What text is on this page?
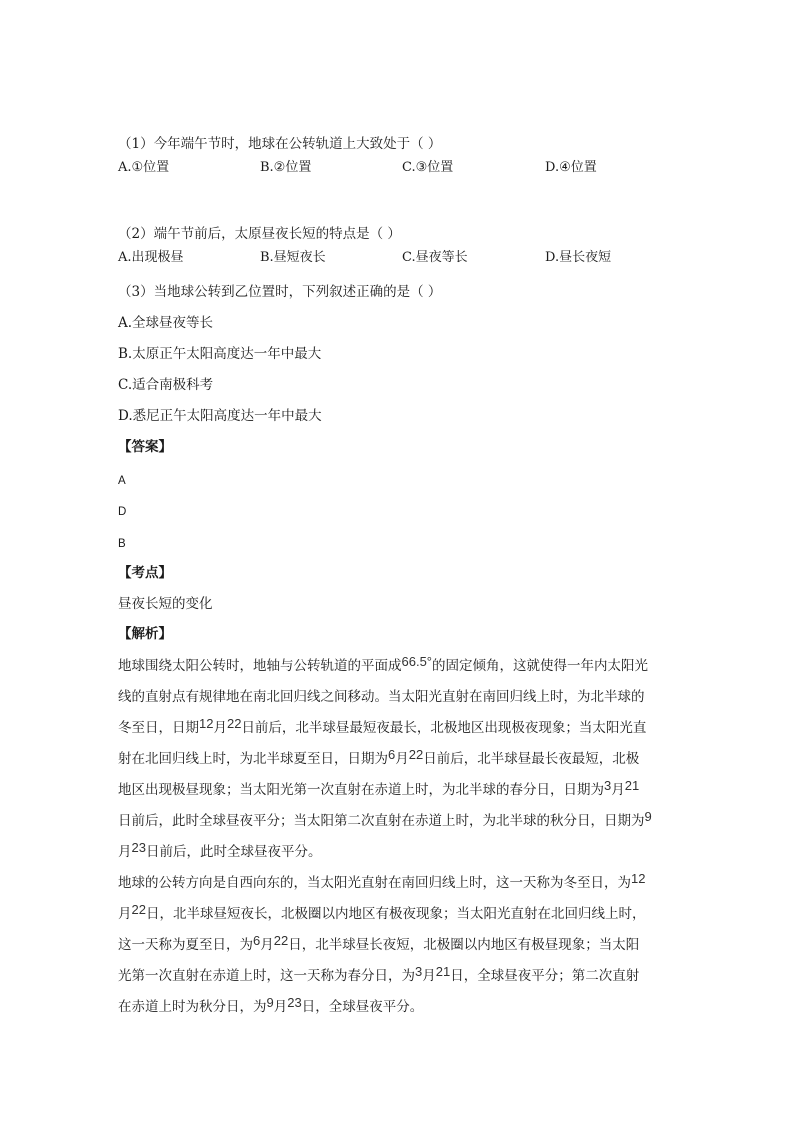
（1）今年端午节时，地球在公转轨道上大致处于（ ）
A.①位置	B.②位置	C.③位置	D.④位置
（2）端午节前后，太原昼夜长短的特点是（ ）
A.出现极昼	B.昼短夜长	C.昼夜等长	D.昼长夜短
（3）当地球公转到乙位置时，下列叙述正确的是（ ）
A.全球昼夜等长
B.太原正午太阳高度达一年中最大
C.适合南极科考
D.悉尼正午太阳高度达一年中最大
【答案】
A
D
B
【考点】
昼夜长短的变化
【解析】
地球围绕太阳公转时，地轴与公转轨道的平面成66.5°的固定倾角，这就使得一年内太阳光
线的直射点有规律地在南北回归线之间移动。当太阳光直射在南回归线上时，为北半球的
冬至日，日期12月22日前后，北半球昼最短夜最长，北极地区出现极夜现象；当太阳光直
射在北回归线上时，为北半球夏至日，日期为6月22日前后，北半球昼最长夜最短，北极
地区出现极昼现象；当太阳光第一次直射在赤道上时，为北半球的春分日，日期为3月21
日前后，此时全球昼夜平分；当太阳第二次直射在赤道上时，为北半球的秋分日，日期为9
月23日前后，此时全球昼夜平分。
地球的公转方向是自西向东的，当太阳光直射在南回归线上时，这一天称为冬至日，为12
月22日，北半球昼短夜长，北极圈以内地区有极夜现象；当太阳光直射在北回归线上时，
这一天称为夏至日，为6月22日，北半球昼长夜短，北极圈以内地区有极昼现象；当太阳
光第一次直射在赤道上时，这一天称为春分日，为3月21日，全球昼夜平分；第二次直射
在赤道上时为秋分日，为9月23日，全球昼夜平分。
